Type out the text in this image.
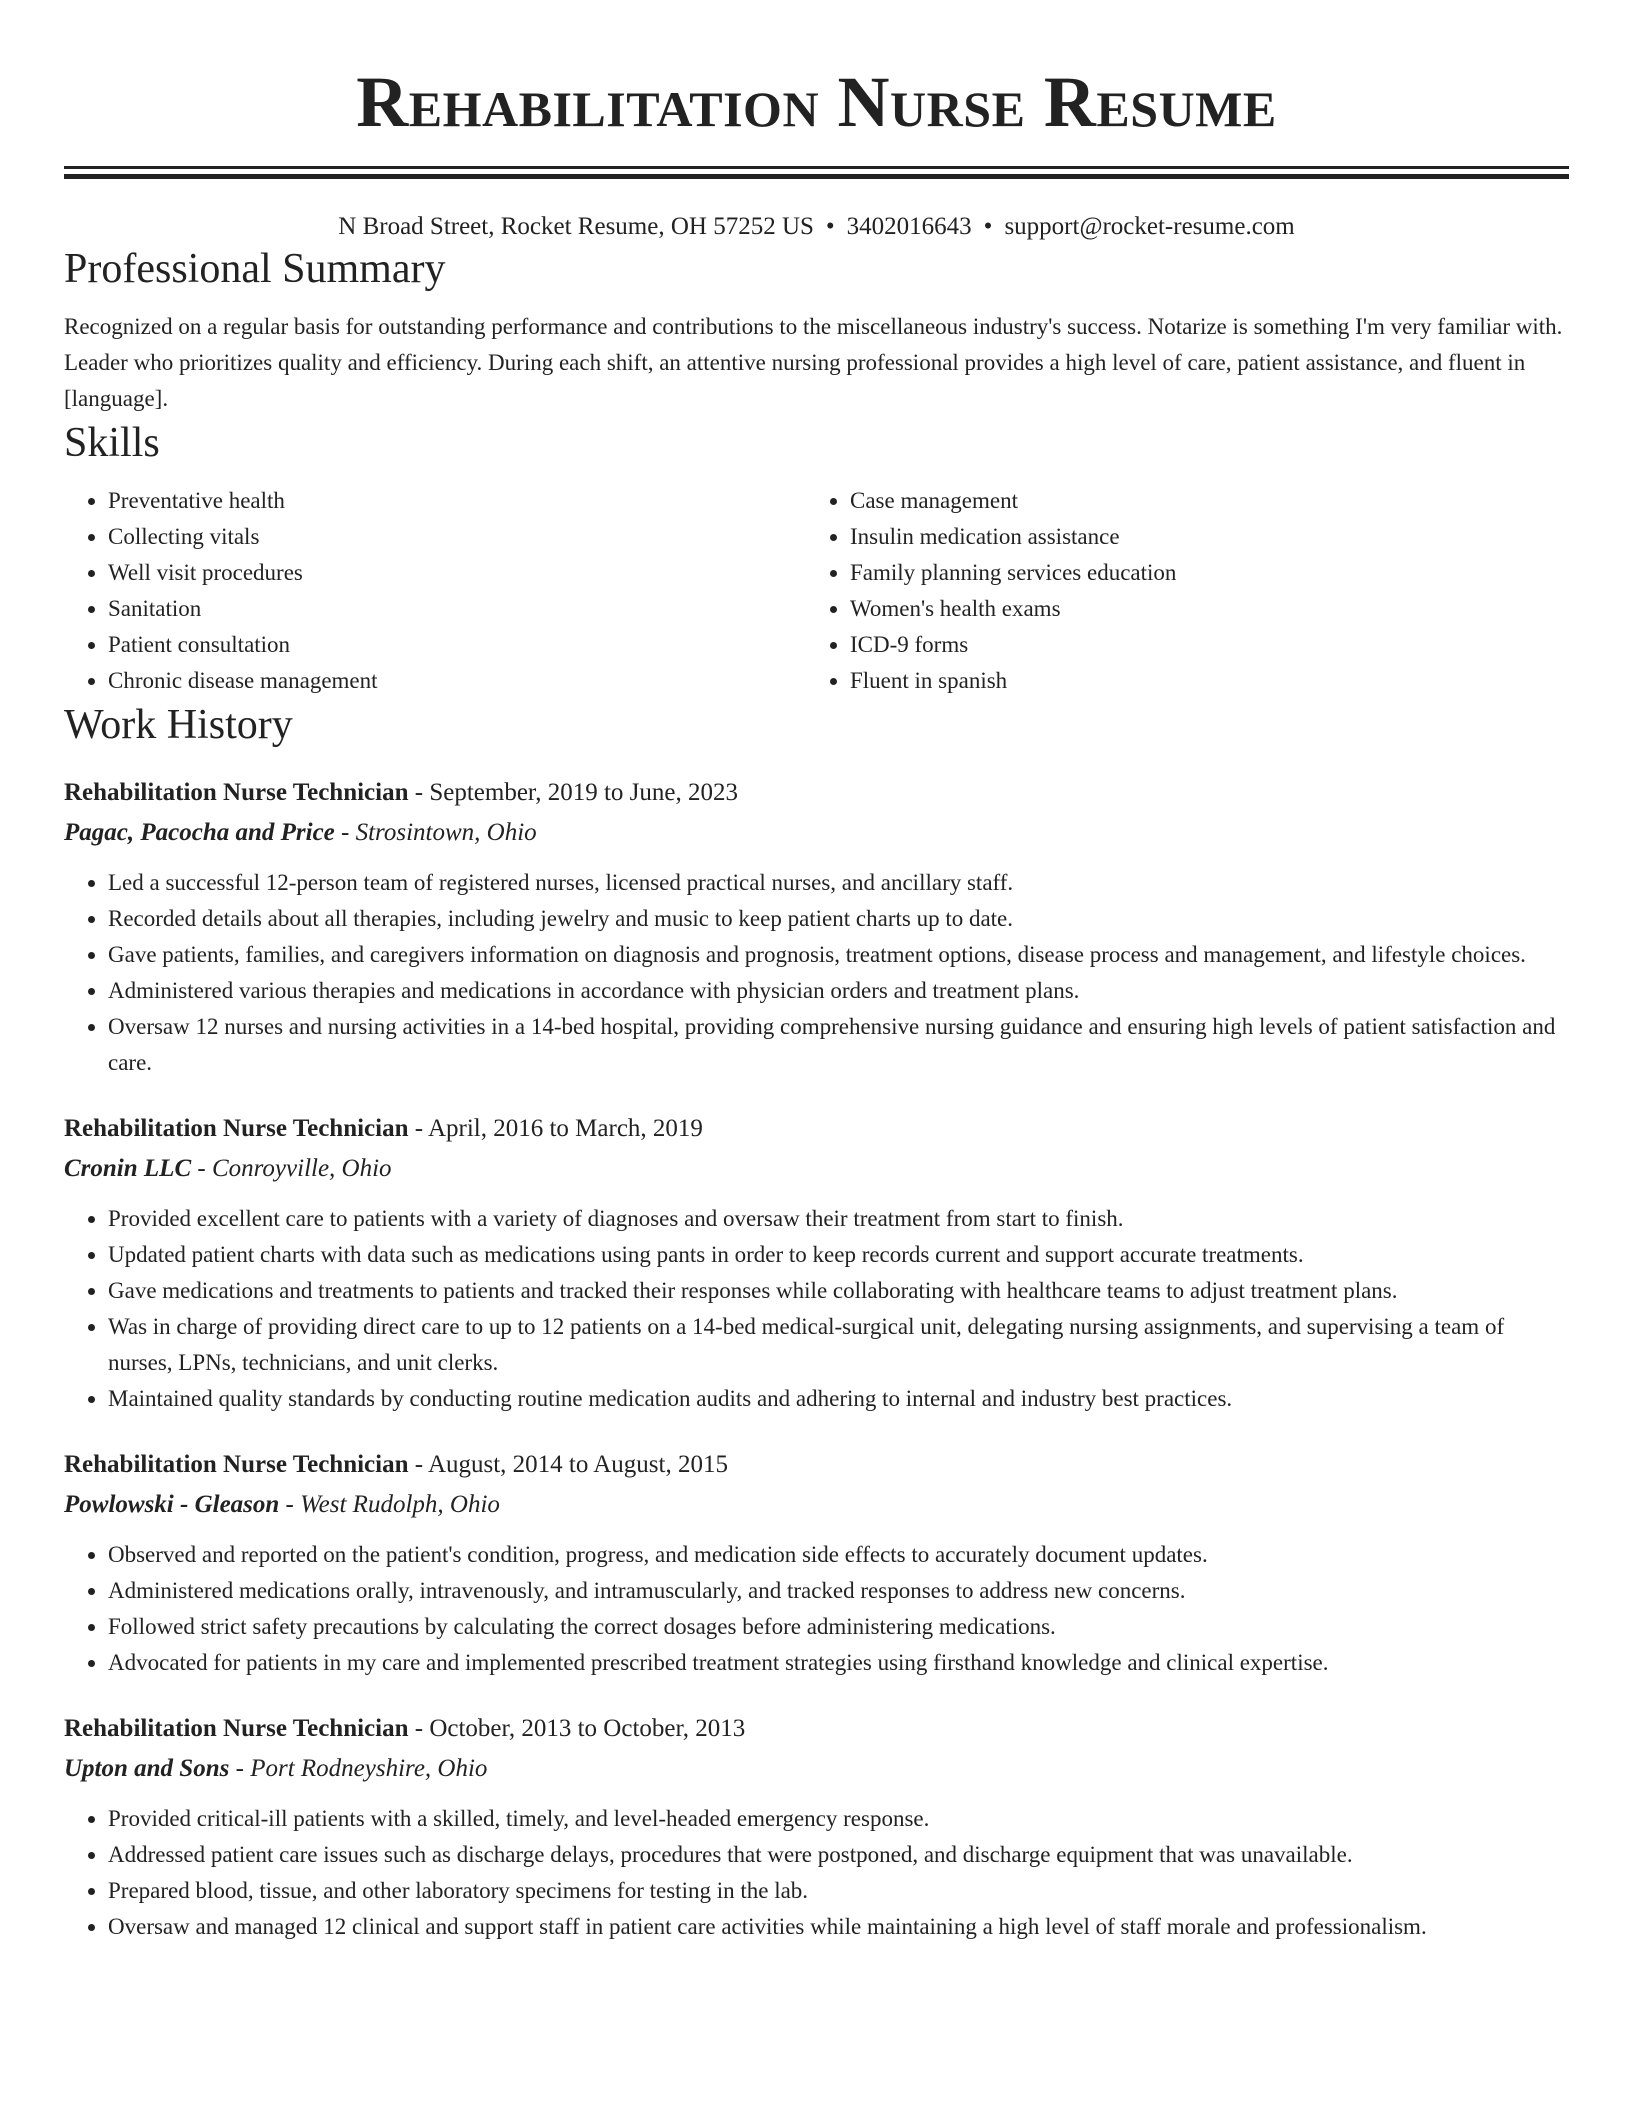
Rehabilitation Nurse Resume
N Broad Street, Rocket Resume, OH 57252 US • 3402016643 • support@rocket-resume.com
Professional Summary

Recognized on a regular basis for outstanding performance and contributions to the miscellaneous industry's success. Notarize is something I'm very familiar with. Leader who prioritizes quality and efficiency. During each shift, an attentive nursing professional provides a high level of care, patient assistance, and fluent in [language].

Skills
• Preventative health
• Collecting vitals
• Well visit procedures
• Sanitation
• Patient consultation
• Chronic disease management
• Case management
• Insulin medication assistance
• Family planning services education
• Women's health exams
• ICD-9 forms
• Fluent in spanish
Work History
Rehabilitation Nurse Technician - September, 2019 to June, 2023
Pagac, Pacocha and Price - Strosintown, Ohio
• Led a successful 12-person team of registered nurses, licensed practical nurses, and ancillary staff.
• Recorded details about all therapies, including jewelry and music to keep patient charts up to date.
• Gave patients, families, and caregivers information on diagnosis and prognosis, treatment options, disease process and management, and lifestyle choices.
• Administered various therapies and medications in accordance with physician orders and treatment plans.
• Oversaw 12 nurses and nursing activities in a 14-bed hospital, providing comprehensive nursing guidance and ensuring high levels of patient satisfaction and care.
Rehabilitation Nurse Technician - April, 2016 to March, 2019
Cronin LLC - Conroyville, Ohio
• Provided excellent care to patients with a variety of diagnoses and oversaw their treatment from start to finish.
• Updated patient charts with data such as medications using pants in order to keep records current and support accurate treatments.
• Gave medications and treatments to patients and tracked their responses while collaborating with healthcare teams to adjust treatment plans.
• Was in charge of providing direct care to up to 12 patients on a 14-bed medical-surgical unit, delegating nursing assignments, and supervising a team of nurses, LPNs, technicians, and unit clerks.
• Maintained quality standards by conducting routine medication audits and adhering to internal and industry best practices.
Rehabilitation Nurse Technician - August, 2014 to August, 2015
Powlowski - Gleason - West Rudolph, Ohio
• Observed and reported on the patient's condition, progress, and medication side effects to accurately document updates.
• Administered medications orally, intravenously, and intramuscularly, and tracked responses to address new concerns.
• Followed strict safety precautions by calculating the correct dosages before administering medications.
• Advocated for patients in my care and implemented prescribed treatment strategies using firsthand knowledge and clinical expertise.
Rehabilitation Nurse Technician - October, 2013 to October, 2013
Upton and Sons - Port Rodneyshire, Ohio
• Provided critical-ill patients with a skilled, timely, and level-headed emergency response.
• Addressed patient care issues such as discharge delays, procedures that were postponed, and discharge equipment that was unavailable.
• Prepared blood, tissue, and other laboratory specimens for testing in the lab.
• Oversaw and managed 12 clinical and support staff in patient care activities while maintaining a high level of staff morale and professionalism.
